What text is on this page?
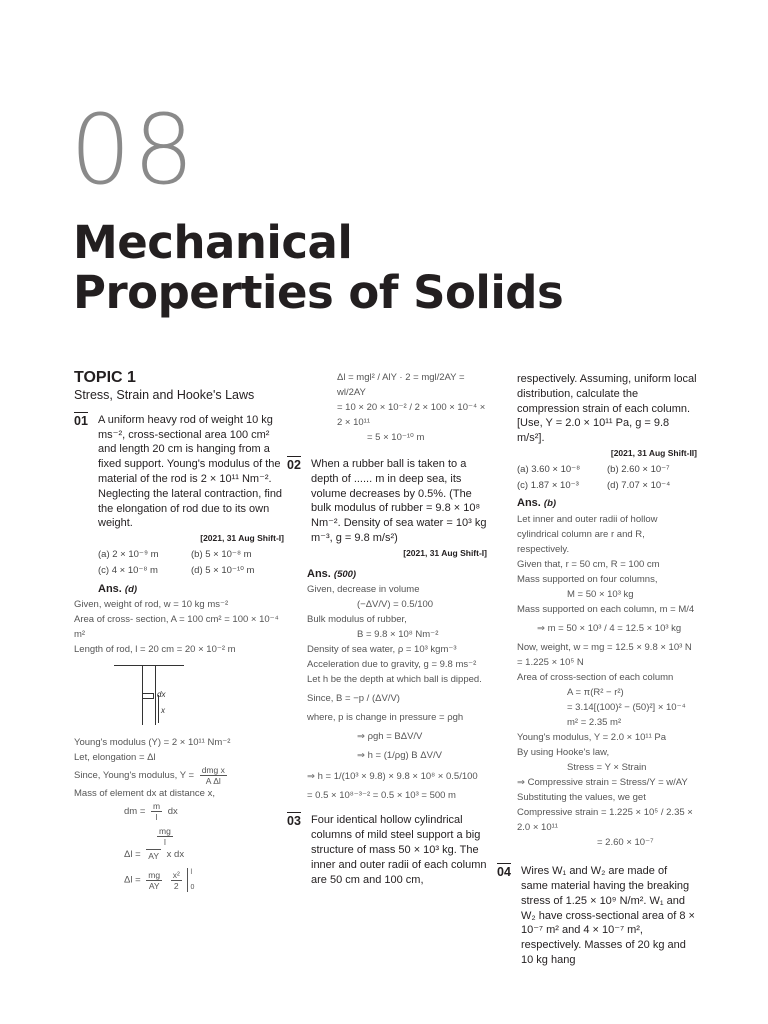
08
Mechanical
Properties of Solids

TOPIC 1

Stress, Strain and Hooke's Laws

01 A uniform heavy rod of weight 10 kg ms⁻², cross-sectional area 100 cm² and length 20 cm is hanging from a fixed support. Young's modulus of the material of the rod is 2 × 10¹¹ Nm⁻². Neglecting the lateral contraction, find the elongation of rod due to its own weight.
[2021, 31 Aug Shift-I]
(a) 2 × 10⁻⁹ m	(b) 5 × 10⁻⁸ m
(c) 4 × 10⁻⁸ m	(d) 5 × 10⁻¹⁰ m
Ans. (d)

Given, weight of rod, w = 10 kg ms⁻²

Area of cross- section, A = 100 cm² = 100 × 10⁻⁴ m²

Length of rod, l = 20 cm = 20 × 10⁻² m

dx
x

Young's modulus (Y) = 2 × 10¹¹ Nm⁻²

Let, elongation = Δl

Since, Young's modulus, $Y = \frac{\text{dmg x}}{\text{A Δl}}$

Mass of element dx at distance x,

dm = $\frac{m}{l}$ dx

$\frac{mg}{l}$

Δl = AY x dx

$\Delta l = \frac{mg}{AY}$
$\frac{\text{x²}}{2}$
l
0

Δl = mgl² / AlY · 2 = mgl/2AY = wl/2AY

= 10 × 20 × 10⁻² / 2 × 100 × 10⁻⁴ × 2 × 10¹¹

= 5 × 10⁻¹⁰ m

02 When a rubber ball is taken to a depth of ...... m in deep sea, its volume decreases by 0.5%. (The bulk modulus of rubber = 9.8 × 10⁸ Nm⁻². Density of sea water = 10³ kg m⁻³, g = 9.8 m/s²)
[2021, 31 Aug Shift-I]
Ans. (500)

Given, decrease in volume

(−ΔV/V) = 0.5/100

Bulk modulus of rubber,

B = 9.8 × 10⁸ Nm⁻²

Density of sea water, ρ = 10³ kgm⁻³

Acceleration due to gravity, g = 9.8 ms⁻²

Let h be the depth at which ball is dipped.

Since, B = −p / (ΔV/V)

where, p is change in pressure = ρgh

⇒ ρgh = BΔV/V

⇒ h = (1/ρg) B ΔV/V

⇒ h = 1/(10³ × 9.8) × 9.8 × 10⁸ × 0.5/100

= 0.5 × 10⁸⁻³⁻² = 0.5 × 10³ = 500 m

03 Four identical hollow cylindrical columns of mild steel support a big structure of mass 50 × 10³ kg. The inner and outer radii of each column are 50 cm and 100 cm,
respectively. Assuming, uniform local distribution, calculate the compression strain of each column. [Use, Y = 2.0 × 10¹¹ Pa, g = 9.8 m/s²].
[2021, 31 Aug Shift-II]
(a) 3.60 × 10⁻⁸	(b) 2.60 × 10⁻⁷
(c) 1.87 × 10⁻³	(d) 7.07 × 10⁻⁴
Ans. (b)

Let inner and outer radii of hollow cylindrical column are r and R, respectively.

Given that, r = 50 cm, R = 100 cm

Mass supported on four columns,

M = 50 × 10³ kg

Mass supported on each column, m = M/4

⇒ m = 50 × 10³ / 4 = 12.5 × 10³ kg

Now, weight, w = mg = 12.5 × 9.8 × 10³ N

= 1.225 × 10⁵ N

Area of cross-section of each column

A = π(R² − r²)

= 3.14[(100)² − (50)²] × 10⁻⁴

m² = 2.35 m²

Young's modulus, Y = 2.0 × 10¹¹ Pa

By using Hooke's law,

Stress = Y × Strain

⇒ Compressive strain = Stress/Y = w/AY

Substituting the values, we get

Compressive strain = 1.225 × 10⁵ / 2.35 × 2.0 × 10¹¹

= 2.60 × 10⁻⁷

04 Wires W₁ and W₂ are made of same material having the breaking stress of 1.25 × 10⁹ N/m². W₁ and W₂ have cross-sectional area of 8 × 10⁻⁷ m² and 4 × 10⁻⁷ m², respectively. Masses of 20 kg and 10 kg hang
